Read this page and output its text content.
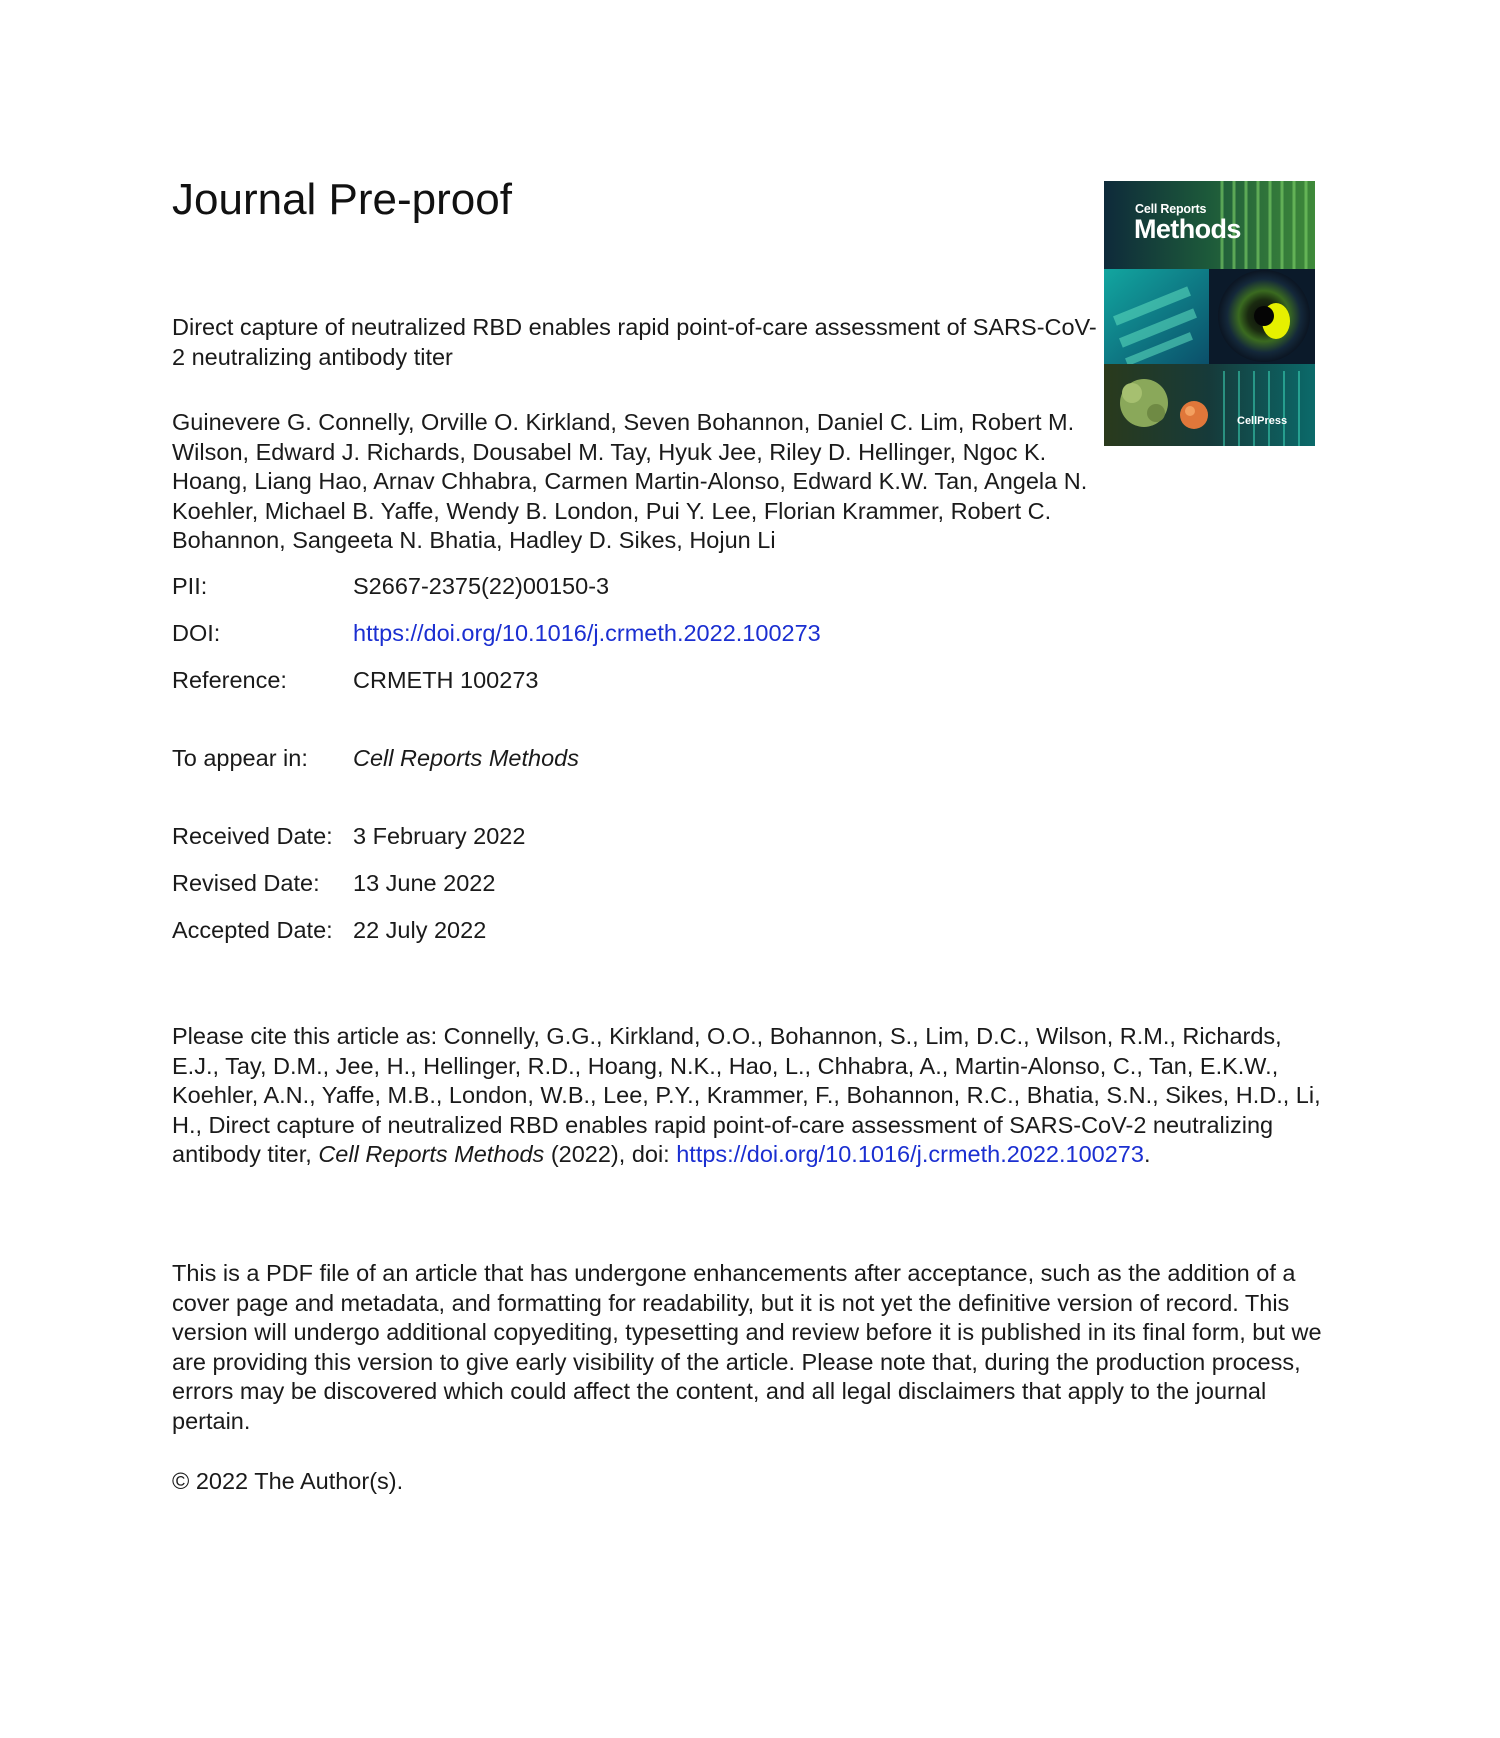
Journal Pre-proof
Direct capture of neutralized RBD enables rapid point-of-care assessment of SARS-CoV-2 neutralizing antibody titer
Guinevere G. Connelly, Orville O. Kirkland, Seven Bohannon, Daniel C. Lim, Robert M. Wilson, Edward J. Richards, Dousabel M. Tay, Hyuk Jee, Riley D. Hellinger, Ngoc K. Hoang, Liang Hao, Arnav Chhabra, Carmen Martin-Alonso, Edward K.W. Tan, Angela N. Koehler, Michael B. Yaffe, Wendy B. London, Pui Y. Lee, Florian Krammer, Robert C. Bohannon, Sangeeta N. Bhatia, Hadley D. Sikes, Hojun Li
PII:	S2667-2375(22)00150-3
DOI:	https://doi.org/10.1016/j.crmeth.2022.100273
Reference:	CRMETH 100273
To appear in: Cell Reports Methods
Received Date: 3 February 2022
Revised Date: 13 June 2022
Accepted Date: 22 July 2022
Please cite this article as: Connelly, G.G., Kirkland, O.O., Bohannon, S., Lim, D.C., Wilson, R.M., Richards, E.J., Tay, D.M., Jee, H., Hellinger, R.D., Hoang, N.K., Hao, L., Chhabra, A., Martin-Alonso, C., Tan, E.K.W., Koehler, A.N., Yaffe, M.B., London, W.B., Lee, P.Y., Krammer, F., Bohannon, R.C., Bhatia, S.N., Sikes, H.D., Li, H., Direct capture of neutralized RBD enables rapid point-of-care assessment of SARS-CoV-2 neutralizing antibody titer, Cell Reports Methods (2022), doi: https://doi.org/10.1016/j.crmeth.2022.100273.
This is a PDF file of an article that has undergone enhancements after acceptance, such as the addition of a cover page and metadata, and formatting for readability, but it is not yet the definitive version of record. This version will undergo additional copyediting, typesetting and review before it is published in its final form, but we are providing this version to give early visibility of the article. Please note that, during the production process, errors may be discovered which could affect the content, and all legal disclaimers that apply to the journal pertain.
© 2022 The Author(s).
Cell Reports
Methods
CellPress
